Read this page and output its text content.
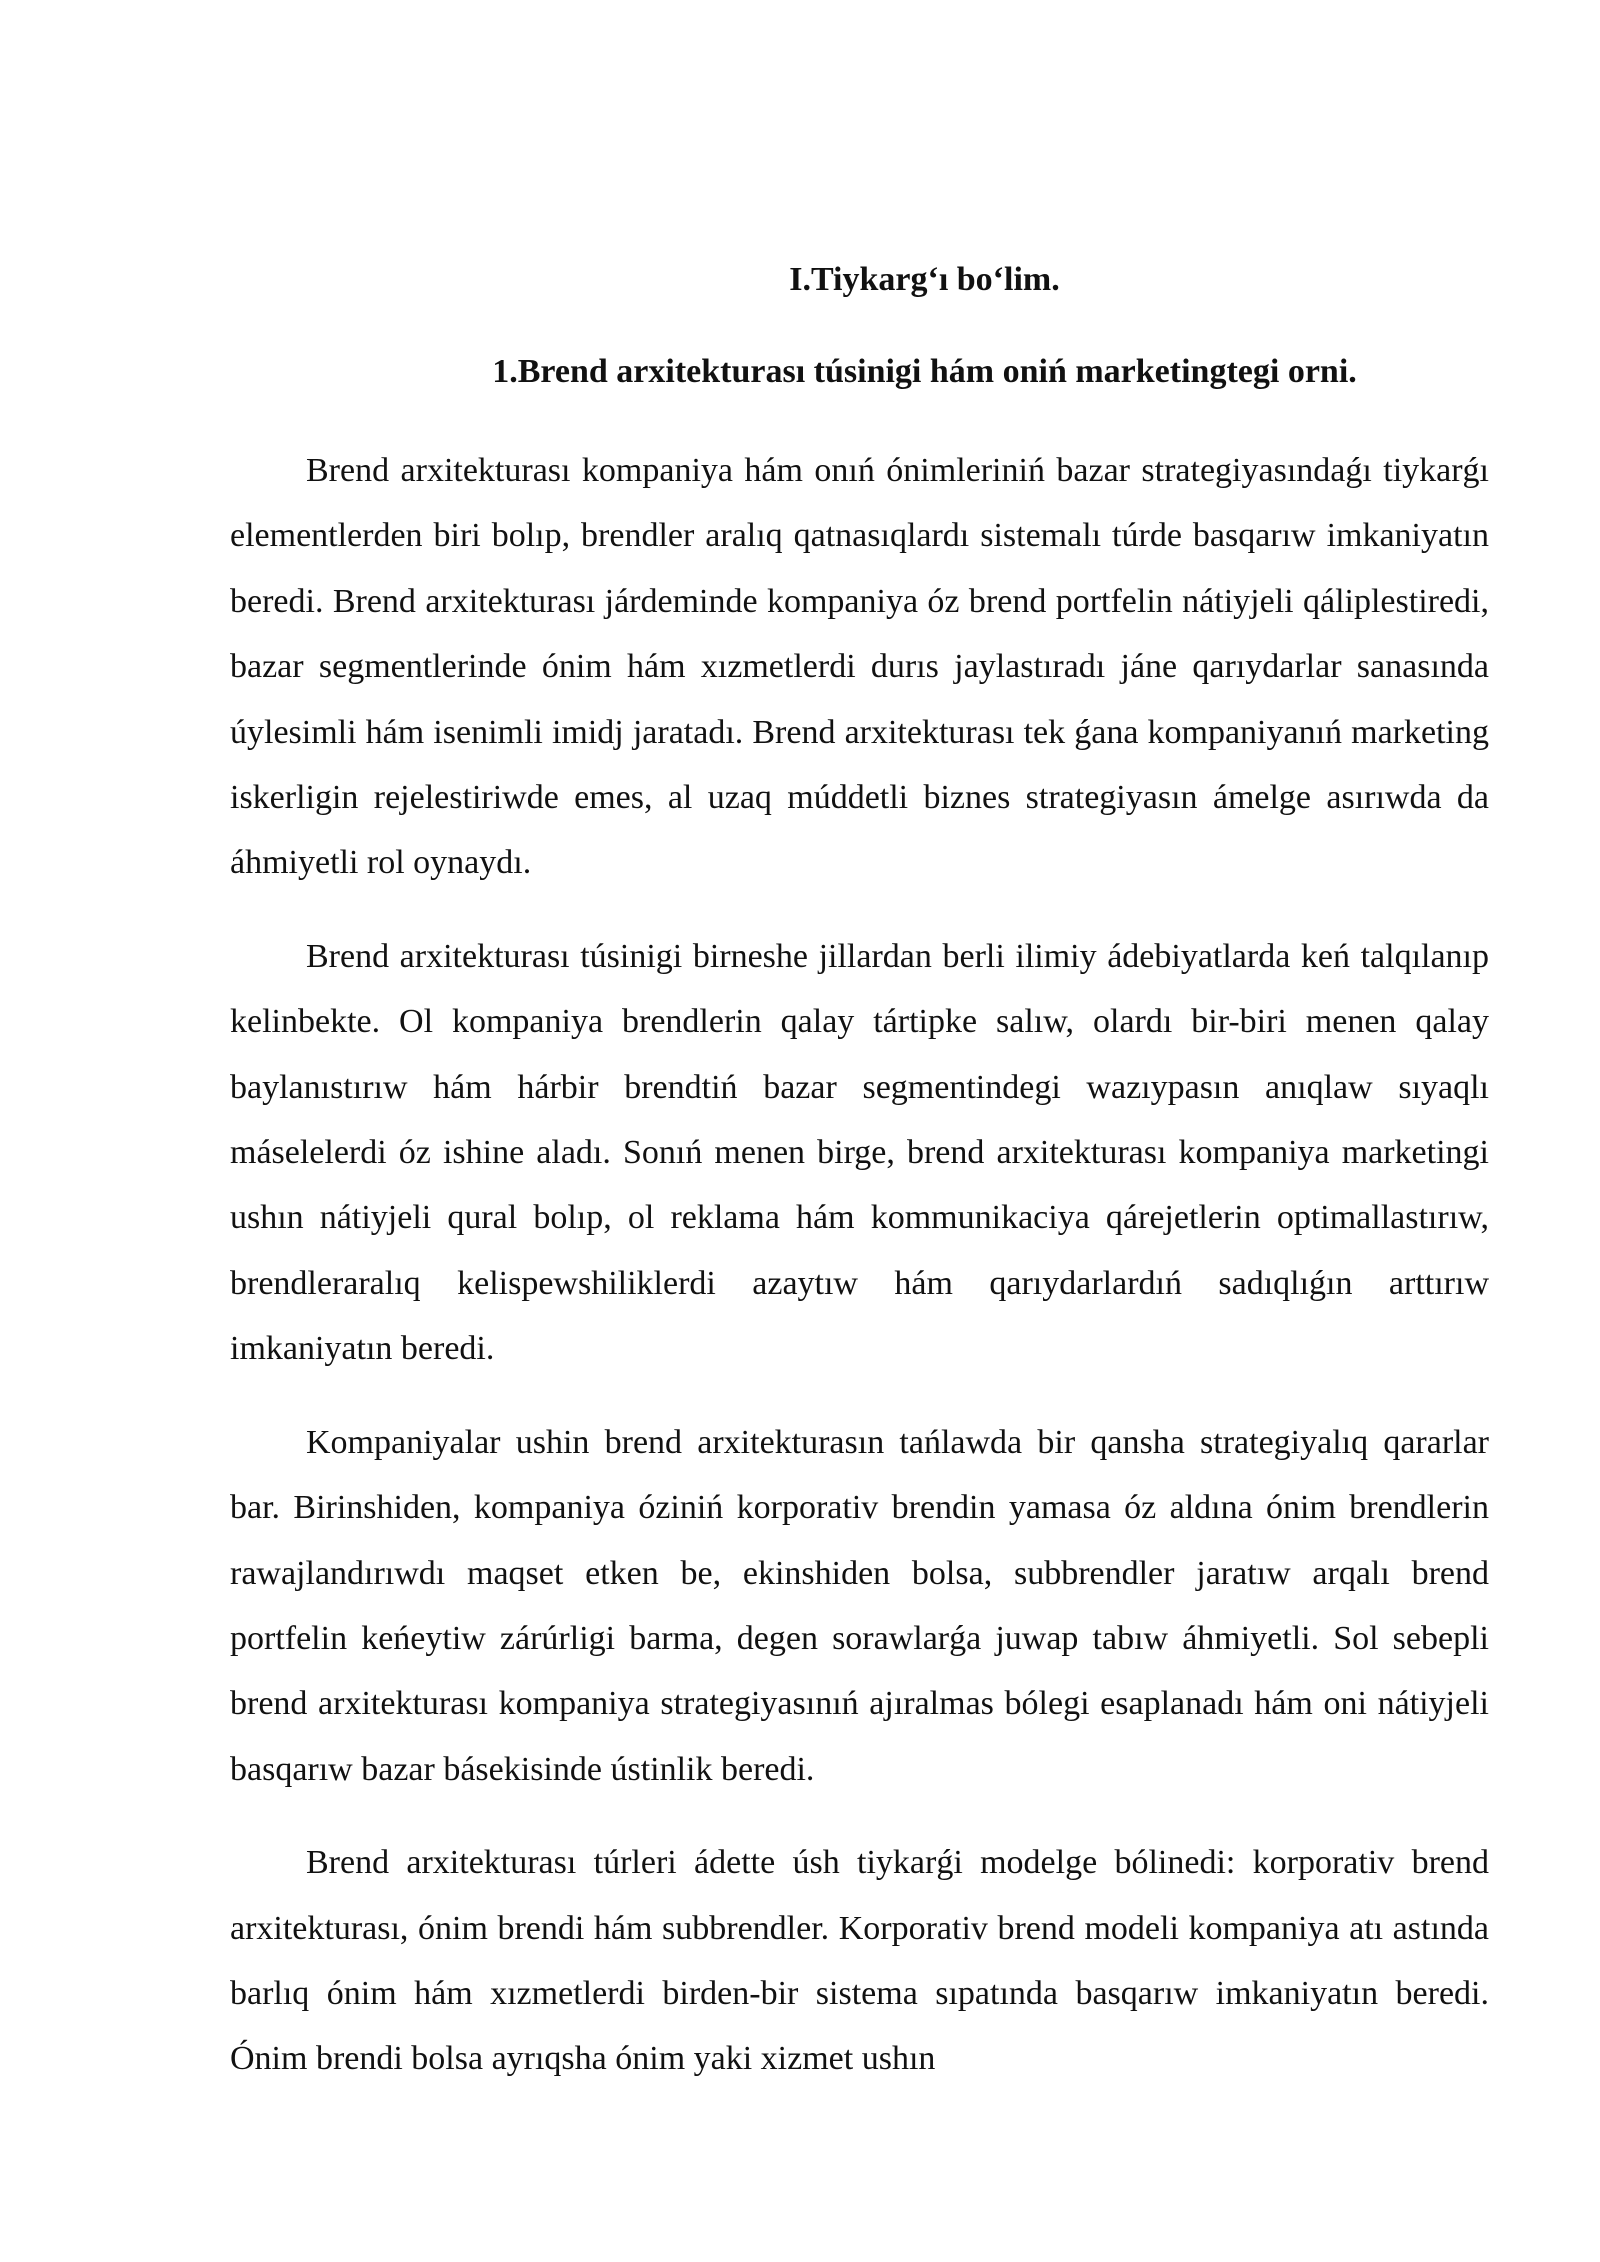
I.Tiykarg‘ı bo‘lim.
1.Brend arxitekturası túsinigi hám oniń marketingtegi orni.

Brend arxitekturası kompaniya hám onıń ónimleriniń bazar strategiyasındaǵı tiykarǵı elementlerden biri bolıp, brendler aralıq qatnasıqlardı sistemalı túrde basqarıw imkaniyatın beredi. Brend arxitekturası járdeminde kompaniya óz brend portfelin nátiyjeli qáliplestiredi, bazar segmentlerinde ónim hám xızmetlerdi durıs jaylastıradı jáne qarıydarlar sanasında úylesimli hám isenimli imidj jaratadı. Brend arxitekturası tek ǵana kompaniyanıń marketing iskerligin rejelestiriwde emes, al uzaq múddetli biznes strategiyasın ámelge asırıwda da áhmiyetli rol oynaydı.

Brend arxitekturası túsinigi birneshe jillardan berli ilimiy ádebiyatlarda keń talqılanıp kelinbekte. Ol kompaniya brendlerin qalay tártipke salıw, olardı bir-biri menen qalay baylanıstırıw hám hárbir brendtiń bazar segmentindegi wazıypasın anıqlaw sıyaqlı máselelerdi óz ishine aladı. Sonıń menen birge, brend arxitekturası kompaniya marketingi ushın nátiyjeli qural bolıp, ol reklama hám kommunikaciya qárejetlerin optimallastırıw, brendleraralıq kelispewshiliklerdi azaytıw hám qarıydarlardıń sadıqlıǵın arttırıw imkaniyatın beredi.

Kompaniyalar ushin brend arxitekturasın tańlawda bir qansha strategiyalıq qararlar bar. Birinshiden, kompaniya óziniń korporativ brendin yamasa óz aldına ónim brendlerin rawajlandırıwdı maqset etken be, ekinshiden bolsa, subbrendler jaratıw arqalı brend portfelin keńeytiw zárúrligi barma, degen sorawlarǵa juwap tabıw áhmiyetli. Sol sebepli brend arxitekturası kompaniya strategiyasınıń ajıralmas bólegi esaplanadı hám oni nátiyjeli basqarıw bazar básekisinde ústinlik beredi.

Brend arxitekturası túrleri ádette úsh tiykarǵi modelge bólinedi: korporativ brend arxitekturası, ónim brendi hám subbrendler. Korporativ brend modeli kompaniya atı astında barlıq ónim hám xızmetlerdi birden-bir sistema sıpatında basqarıw imkaniyatın beredi. Ónim brendi bolsa ayrıqsha ónim yaki xizmet ushın
